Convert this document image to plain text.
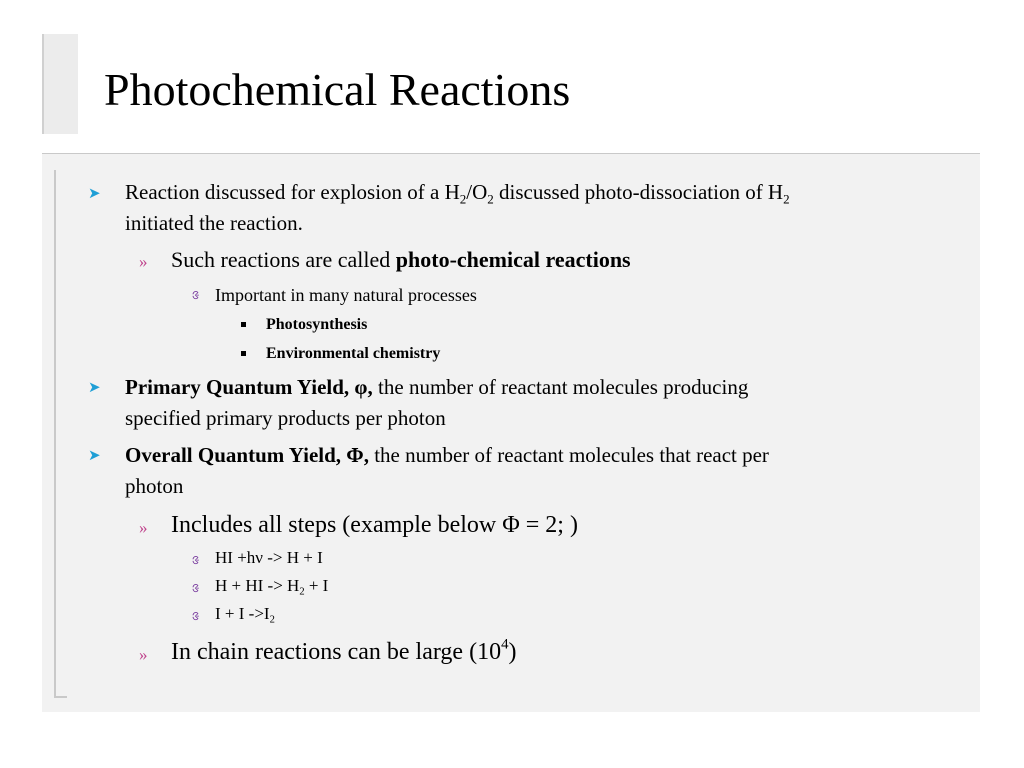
Photochemical Reactions
➤ Reaction discussed for explosion of a $H_2/O_2$ discussed photo-dissociation of $H_2$
initiated the reaction.
» Such reactions are called photo-chemical reactions
ᱝ Important in many natural processes
Photosynthesis
Environmental chemistry
➤ Primary Quantum Yield, φ, the number of reactant molecules producing
specified primary products per photon
➤ Overall Quantum Yield, Φ, the number of reactant molecules that react per
photon
» Includes all steps (example below Φ = 2; )
ᱝ HI +hν -> H + I
ᱝ H + HI -> $H_2 + I$
ᱝ I + I $->I_2$
» In chain reactions can be large $(10^4)$
